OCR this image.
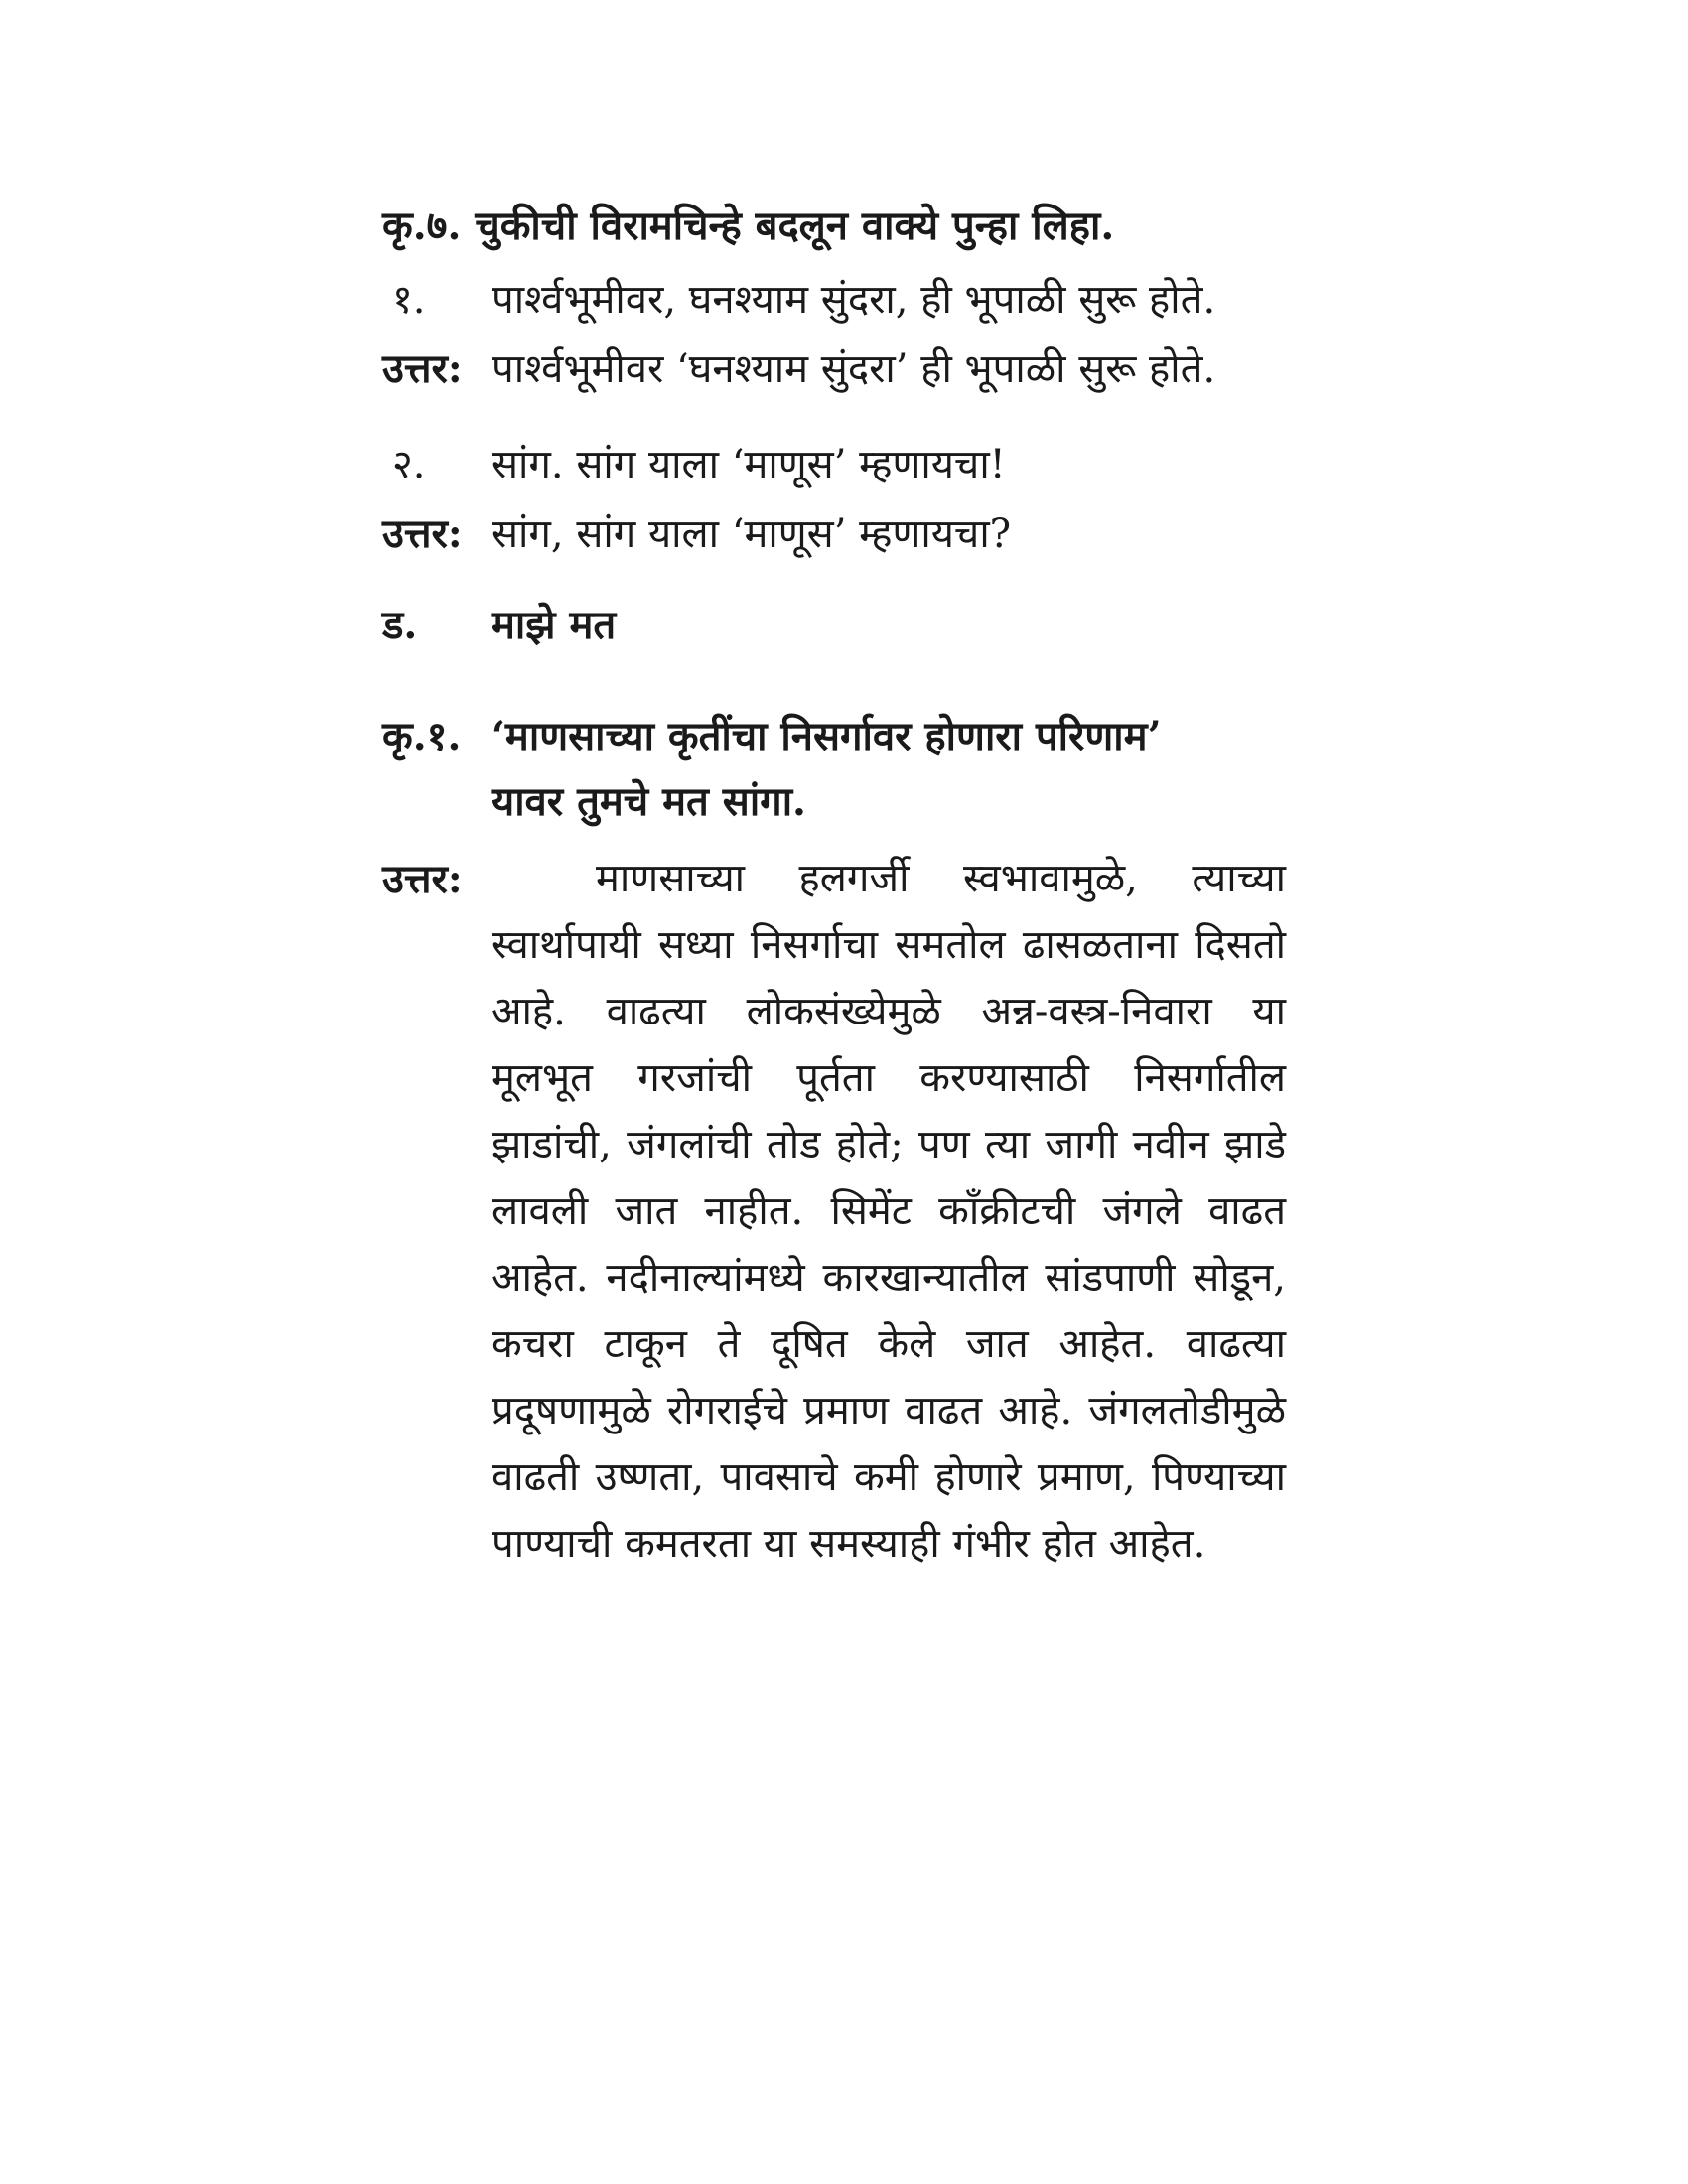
कृ.७. चुकीची विरामचिन्हे बदलून वाक्ये पुन्हा लिहा.
१. पार्श्वभूमीवर, घनश्याम सुंदरा, ही भूपाळी सुरू होते.
उत्तर: पार्श्वभूमीवर ‘घनश्याम सुंदरा’ ही भूपाळी सुरू होते.
२. सांग. सांग याला ‘माणूस’ म्हणायचा!
उत्तर: सांग, सांग याला ‘माणूस’ म्हणायचा?
ड. माझे मत
कृ.१. ‘माणसाच्या कृतींचा निसर्गावर होणारा परिणाम’
यावर तुमचे मत सांगा.
उत्तर:	माणसाच्या हलगर्जी स्वभावामुळे, त्याच्या स्वार्थापायी सध्या निसर्गाचा समतोल ढासळताना दिसतो आहे. वाढत्या लोकसंख्येमुळे अन्न-वस्त्र-निवारा या मूलभूत गरजांची पूर्तता करण्यासाठी निसर्गातील झाडांची, जंगलांची तोड होते; पण त्या जागी नवीन झाडे लावली जात नाहीत. सिमेंट कॉंक्रीटची जंगले वाढत आहेत. नदीनाल्यांमध्ये कारखान्यातील सांडपाणी सोडून, कचरा टाकून ते दूषित केले जात आहेत. वाढत्या प्रदूषणामुळे रोगराईचे प्रमाण वाढत आहे. जंगलतोडीमुळे वाढती उष्णता, पावसाचे कमी होणारे प्रमाण, पिण्याच्या पाण्याची कमतरता या समस्याही गंभीर होत आहेत.
